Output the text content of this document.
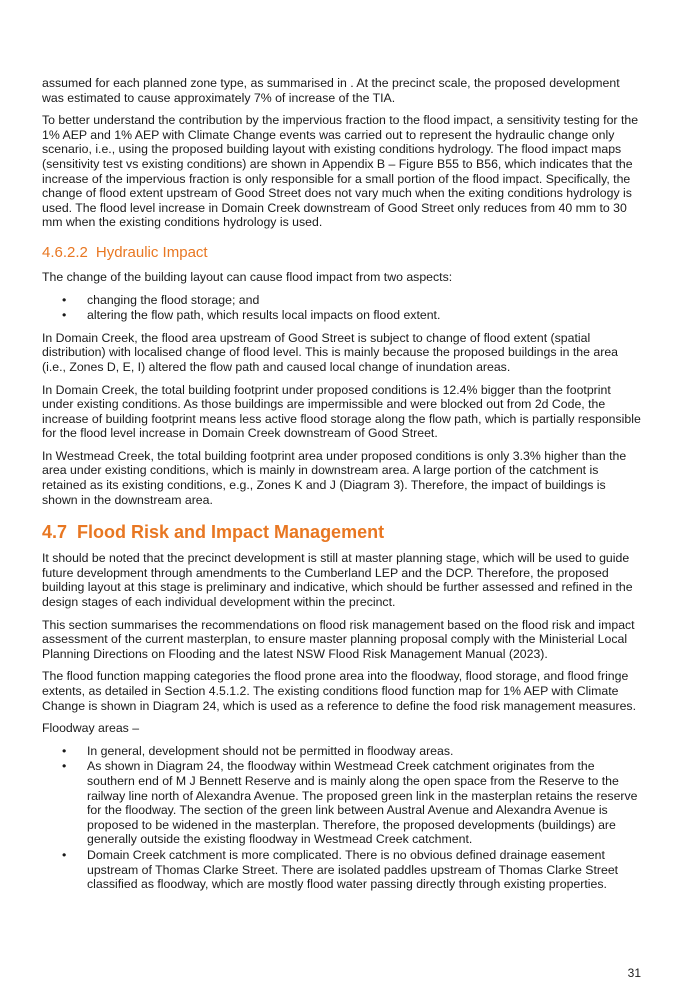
assumed for each planned zone type, as summarised in . At the precinct scale, the proposed development was estimated to cause approximately 7% of increase of the TIA.

To better understand the contribution by the impervious fraction to the flood impact, a sensitivity testing for the 1% AEP and 1% AEP with Climate Change events was carried out to represent the hydraulic change only scenario, i.e., using the proposed building layout with existing conditions hydrology. The flood impact maps (sensitivity test vs existing conditions) are shown in Appendix B – Figure B55 to B56, which indicates that the increase of the impervious fraction is only responsible for a small portion of the flood impact. Specifically, the change of flood extent upstream of Good Street does not vary much when the exiting conditions hydrology is used. The flood level increase in Domain Creek downstream of Good Street only reduces from 40 mm to 30 mm when the existing conditions hydrology is used.

4.6.2.2 Hydraulic Impact

The change of the building layout can cause flood impact from two aspects:

• changing the flood storage; and
• altering the flow path, which results local impacts on flood extent.

In Domain Creek, the flood area upstream of Good Street is subject to change of flood extent (spatial distribution) with localised change of flood level. This is mainly because the proposed buildings in the area (i.e., Zones D, E, I) altered the flow path and caused local change of inundation areas.

In Domain Creek, the total building footprint under proposed conditions is 12.4% bigger than the footprint under existing conditions. As those buildings are impermissible and were blocked out from 2d Code, the increase of building footprint means less active flood storage along the flow path, which is partially responsible for the flood level increase in Domain Creek downstream of Good Street.

In Westmead Creek, the total building footprint area under proposed conditions is only 3.3% higher than the area under existing conditions, which is mainly in downstream area. A large portion of the catchment is retained as its existing conditions, e.g., Zones K and J (Diagram 3). Therefore, the impact of buildings is shown in the downstream area.

4.7 Flood Risk and Impact Management

It should be noted that the precinct development is still at master planning stage, which will be used to guide future development through amendments to the Cumberland LEP and the DCP. Therefore, the proposed building layout at this stage is preliminary and indicative, which should be further assessed and refined in the design stages of each individual development within the precinct.

This section summarises the recommendations on flood risk management based on the flood risk and impact assessment of the current masterplan, to ensure master planning proposal comply with the Ministerial Local Planning Directions on Flooding and the latest NSW Flood Risk Management Manual (2023).

The flood function mapping categories the flood prone area into the floodway, flood storage, and flood fringe extents, as detailed in Section 4.5.1.2. The existing conditions flood function map for 1% AEP with Climate Change is shown in Diagram 24, which is used as a reference to define the food risk management measures.

Floodway areas –

• In general, development should not be permitted in floodway areas.
• As shown in Diagram 24, the floodway within Westmead Creek catchment originates from the southern end of M J Bennett Reserve and is mainly along the open space from the Reserve to the railway line north of Alexandra Avenue. The proposed green link in the masterplan retains the reserve for the floodway. The section of the green link between Austral Avenue and Alexandra Avenue is proposed to be widened in the masterplan. Therefore, the proposed developments (buildings) are generally outside the existing floodway in Westmead Creek catchment.
• Domain Creek catchment is more complicated. There is no obvious defined drainage easement upstream of Thomas Clarke Street. There are isolated paddles upstream of Thomas Clarke Street classified as floodway, which are mostly flood water passing directly through existing properties.
31
